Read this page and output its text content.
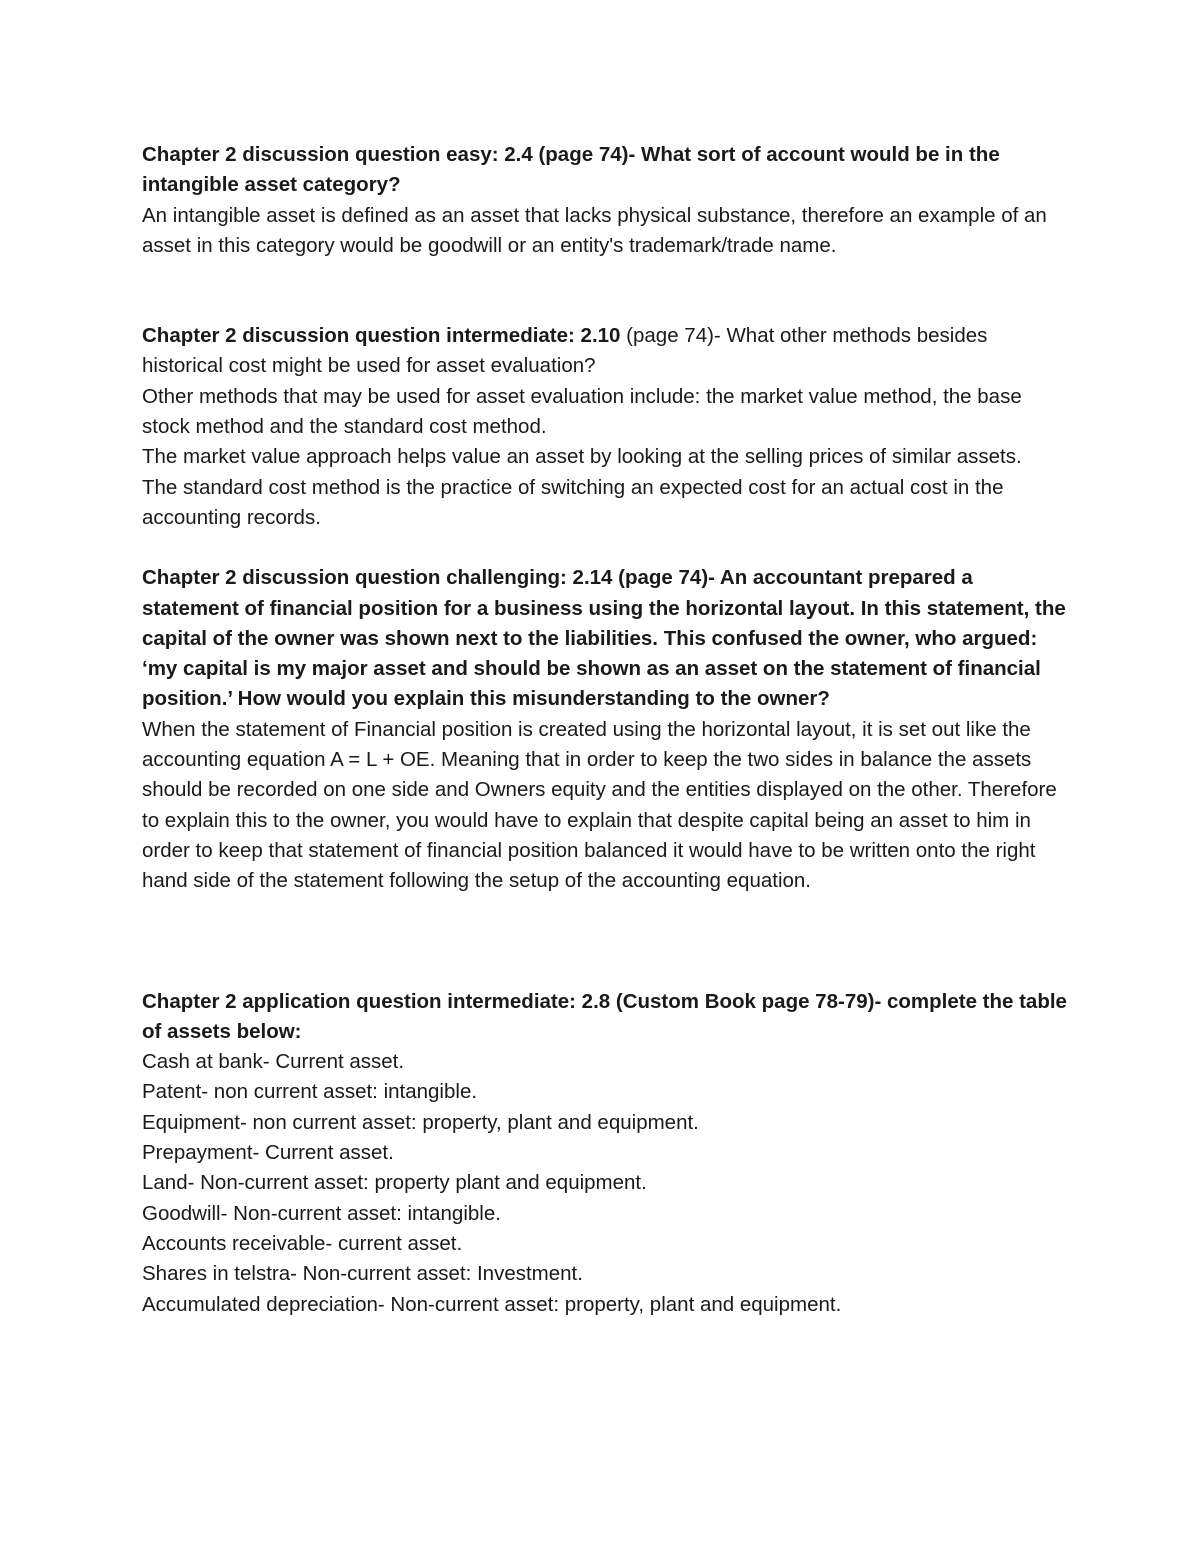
Chapter 2 discussion question easy: 2.4 (page 74)- What sort of account would be in the intangible asset category?

An intangible asset is defined as an asset that lacks physical substance, therefore an example of an asset in this category would be goodwill or an entity's trademark/trade name.

Chapter 2 discussion question intermediate: 2.10 (page 74)- What other methods besides historical cost might be used for asset evaluation?

Other methods that may be used for asset evaluation include: the market value method, the base stock method and the standard cost method.

The market value approach helps value an asset by looking at the selling prices of similar assets.

The standard cost method is the practice of switching an expected cost for an actual cost in the accounting records.

Chapter 2 discussion question challenging: 2.14 (page 74)- An accountant prepared a statement of financial position for a business using the horizontal layout. In this statement, the capital of the owner was shown next to the liabilities. This confused the owner, who argued: ‘my capital is my major asset and should be shown as an asset on the statement of financial position.’ How would you explain this misunderstanding to the owner?

When the statement of Financial position is created using the horizontal layout, it is set out like the accounting equation A = L + OE. Meaning that in order to keep the two sides in balance the assets should be recorded on one side and Owners equity and the entities displayed on the other. Therefore to explain this to the owner, you would have to explain that despite capital being an asset to him in order to keep that statement of financial position balanced it would have to be written onto the right hand side of the statement following the setup of the accounting equation.

Chapter 2 application question intermediate: 2.8 (Custom Book page 78-79)- complete the table of assets below:

Cash at bank- Current asset.

Patent- non current asset: intangible.

Equipment- non current asset: property, plant and equipment.

Prepayment- Current asset.

Land- Non-current asset: property plant and equipment.

Goodwill- Non-current asset: intangible.

Accounts receivable- current asset.

Shares in telstra- Non-current asset: Investment.

Accumulated depreciation- Non-current asset: property, plant and equipment.
